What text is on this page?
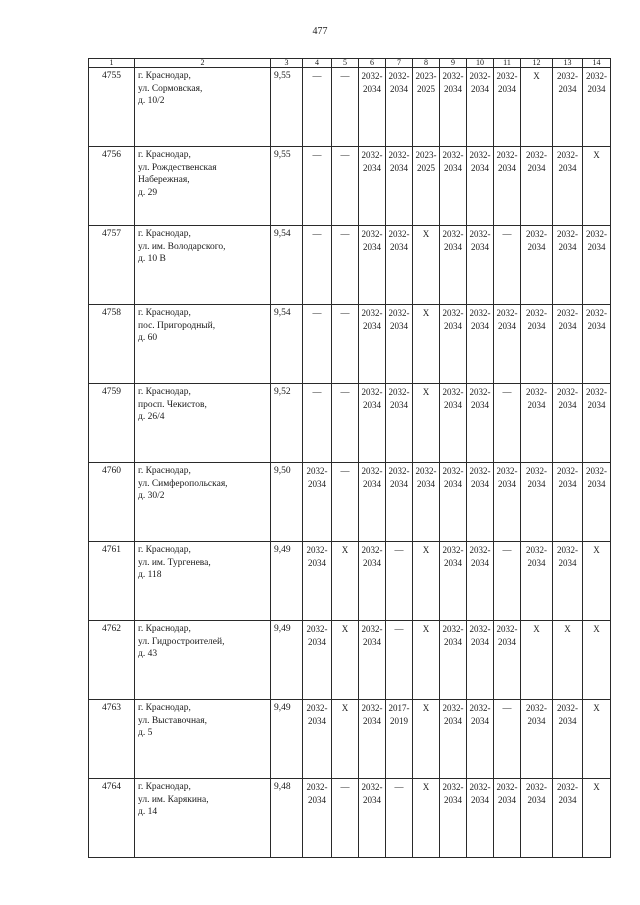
477
1	2	3	4	5	6	7	8	9	10	11	12	13	14
4755	г. Краснодар,
ул. Сормовская,
д. 10/2	9,55	—	—	2032-2034	2032-2034	2023-2025	2032-2034	2032-2034	2032-2034	X	2032-2034	2032-2034
4756	г. Краснодар,
ул. Рождественская
Набережная,
д. 29	9,55	—	—	2032-2034	2032-2034	2023-2025	2032-2034	2032-2034	2032-2034	2032-2034	2032-2034	X

4757	г. Краснодар,
ул. им. Володарского,
д. 10 В	9,54	—	—	2032-2034	2032-2034	X	2032-2034	2032-2034	—	2032-2034	2032-2034	2032-2034
4758	г. Краснодар,
пос. Пригородный,
д. 60	9,54	—	—	2032-2034	2032-2034	X	2032-2034	2032-2034	2032-2034	2032-2034	2032-2034	2032-2034
4759	г. Краснодар,
просп. Чекистов,
д. 26/4	9,52	—	—	2032-2034	2032-2034	X	2032-2034	2032-2034	—	2032-2034	2032-2034	2032-2034
4760	г. Краснодар,
ул. Симферопольская,
д. 30/2	9,50	2032-2034	—	2032-2034	2032-2034	2032-2034	2032-2034	2032-2034	2032-2034	2032-2034	2032-2034	2032-2034
4761	г. Краснодар,
ул. им. Тургенева,
д. 118	9,49	2032-2034	X	2032-2034	—	X	2032-2034	2032-2034	—	2032-2034	2032-2034	X

4762	г. Краснодар,
ул. Гидростроителей,
д. 43	9,49	2032-2034	X	2032-2034	—	X	2032-2034	2032-2034	2032-2034	X	X	X

4763	г. Краснодар,
ул. Выставочная,
д. 5	9,49	2032-2034	X	2032-2034	2017-2019	X	2032-2034	2032-2034	—	2032-2034	2032-2034	X

4764	г. Краснодар,
ул. им. Карякина,
д. 14	9,48	2032-2034	—	2032-2034	—	X	2032-2034	2032-2034	2032-2034	2032-2034	2032-2034	X
